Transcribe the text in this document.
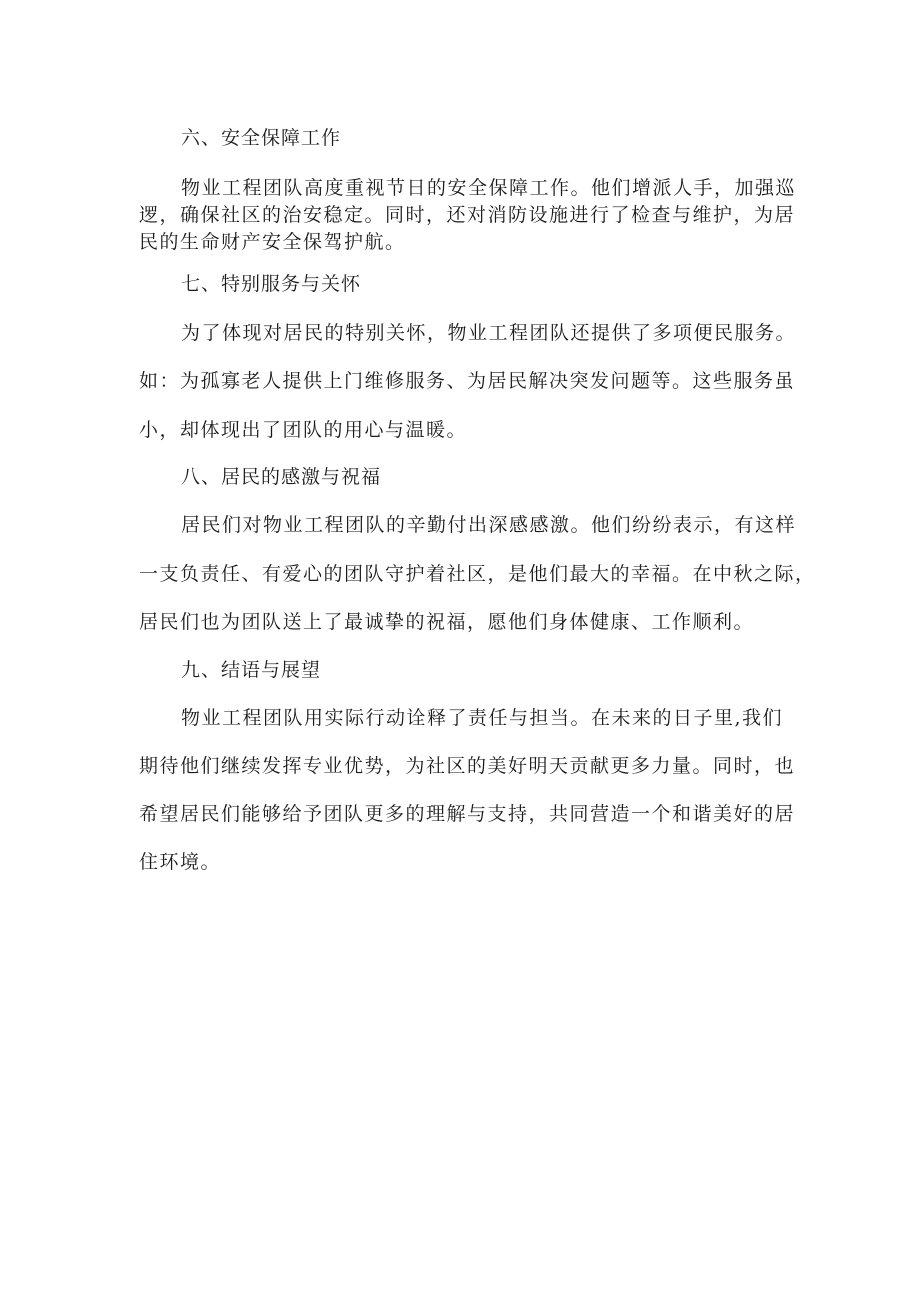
六、安全保障工作
物业工程团队高度重视节日的安全保障工作。他们增派人手，加强巡
逻，确保社区的治安稳定。同时，还对消防设施进行了检查与维护，为居
民的生命财产安全保驾护航。
七、特别服务与关怀
为了体现对居民的特别关怀，物业工程团队还提供了多项便民服务。
如：为孤寡老人提供上门维修服务、为居民解决突发问题等。这些服务虽
小，却体现出了团队的用心与温暖。
八、居民的感激与祝福
居民们对物业工程团队的辛勤付出深感感激。他们纷纷表示，有这样
一支负责任、有爱心的团队守护着社区，是他们最大的幸福。在中秋之际，
居民们也为团队送上了最诚挚的祝福，愿他们身体健康、工作顺利。
九、结语与展望
物业工程团队用实际行动诠释了责任与担当。在未来的日子里,我们
期待他们继续发挥专业优势，为社区的美好明天贡献更多力量。同时，也
希望居民们能够给予团队更多的理解与支持，共同营造一个和谐美好的居
住环境。
